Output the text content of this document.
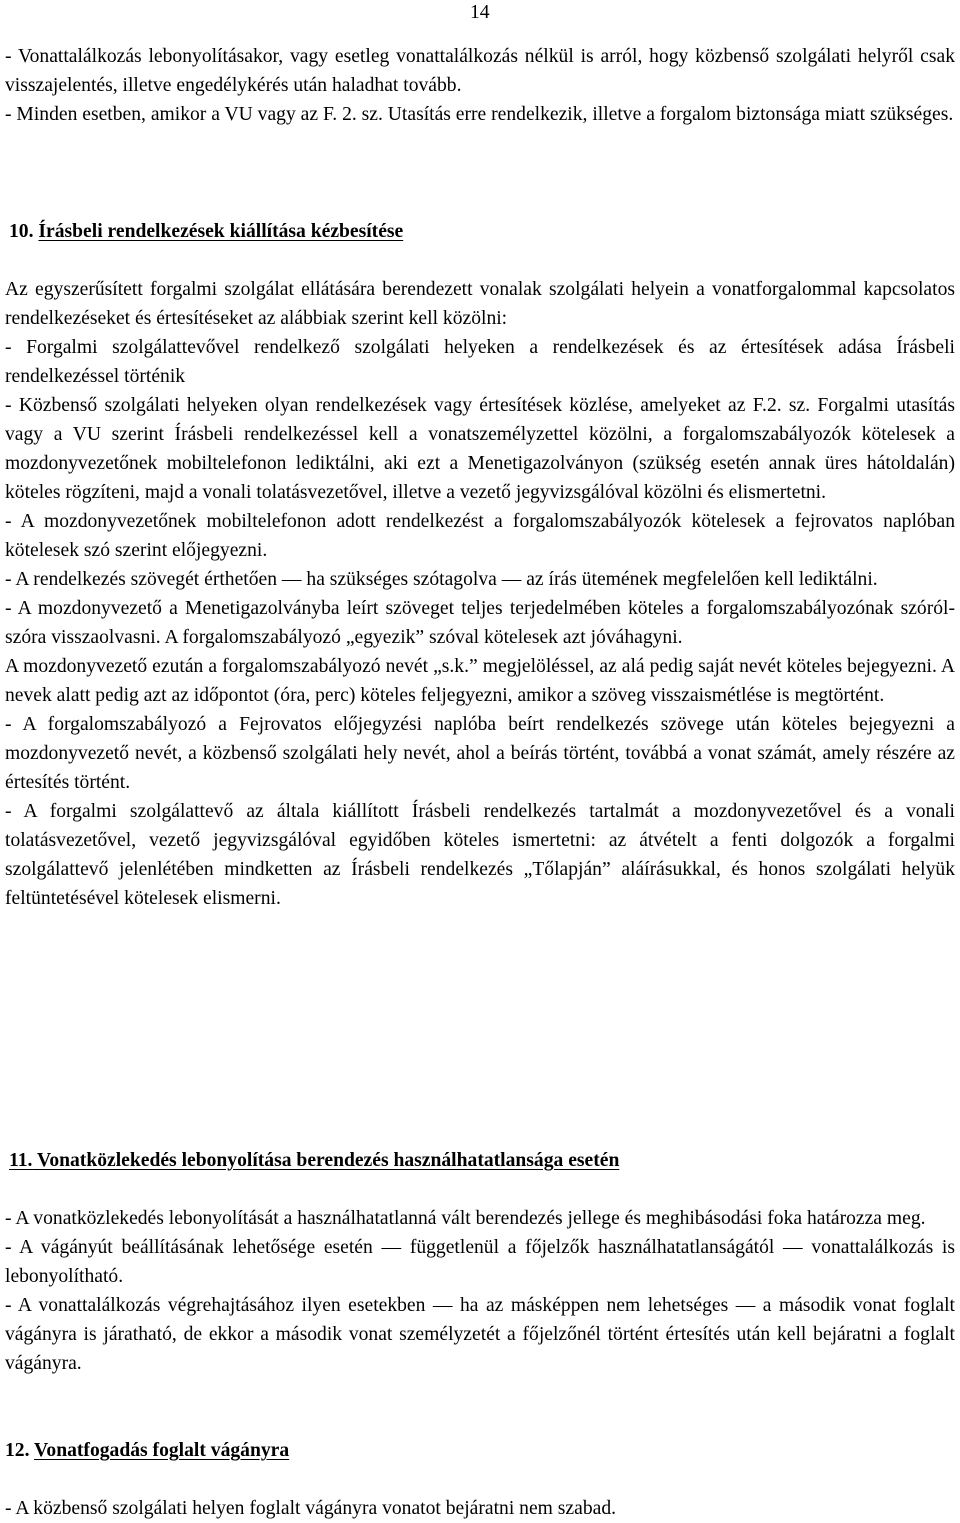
14

- Vonattalálkozás lebonyolításakor, vagy esetleg vonattalálkozás nélkül is arról, hogy közbenső szolgálati helyről csak visszajelentés, illetve engedélykérés után haladhat tovább.

- Minden esetben, amikor a VU vagy az F. 2. sz. Utasítás erre rendelkezik, illetve a forgalom biztonsága miatt szükséges.

10. Írásbeli rendelkezések kiállítása kézbesítése

Az egyszerűsített forgalmi szolgálat ellátására berendezett vonalak szolgálati helyein a vonatforgalommal kapcsolatos rendelkezéseket és értesítéseket az alábbiak szerint kell közölni:

- Forgalmi szolgálattevővel rendelkező szolgálati helyeken a rendelkezések és az értesítések adása Írásbeli rendelkezéssel történik

- Közbenső szolgálati helyeken olyan rendelkezések vagy értesítések közlése, amelyeket az F.2. sz. Forgalmi utasítás vagy a VU szerint Írásbeli rendelkezéssel kell a vonatszemélyzettel közölni, a forgalomszabályozók kötelesek a mozdonyvezetőnek mobiltelefonon lediktálni, aki ezt a Menetigazolványon (szükség esetén annak üres hátoldalán) köteles rögzíteni, majd a vonali tolatásvezetővel, illetve a vezető jegyvizsgálóval közölni és elismertetni.

- A mozdonyvezetőnek mobiltelefonon adott rendelkezést a forgalomszabályozók kötelesek a fejrovatos naplóban kötelesek szó szerint előjegyezni.

- A rendelkezés szövegét érthetően — ha szükséges szótagolva — az írás ütemének megfelelően kell lediktálni.

- A mozdonyvezető a Menetigazolványba leírt szöveget teljes terjedelmében köteles a forgalomszabályozónak szóról-szóra visszaolvasni. A forgalomszabályozó „egyezik” szóval kötelesek azt jóváhagyni.

A mozdonyvezető ezután a forgalomszabályozó nevét „s.k.” megjelöléssel, az alá pedig saját nevét köteles bejegyezni. A nevek alatt pedig azt az időpontot (óra, perc) köteles feljegyezni, amikor a szöveg visszaismétlése is megtörtént.

- A forgalomszabályozó a Fejrovatos előjegyzési naplóba beírt rendelkezés szövege után köteles bejegyezni a mozdonyvezető nevét, a közbenső szolgálati hely nevét, ahol a beírás történt, továbbá a vonat számát, amely részére az értesítés történt.

- A forgalmi szolgálattevő az általa kiállított Írásbeli rendelkezés tartalmát a mozdonyvezetővel és a vonali tolatásvezetővel, vezető jegyvizsgálóval egyidőben köteles ismertetni: az átvételt a fenti dolgozók a forgalmi szolgálattevő jelenlétében mindketten az Írásbeli rendelkezés „Tőlapján” aláírásukkal, és honos szolgálati helyük feltüntetésével kötelesek elismerni.

11. Vonatközlekedés lebonyolítása berendezés használhatatlansága esetén

- A vonatközlekedés lebonyolítását a használhatatlanná vált berendezés jellege és meghibásodási foka határozza meg.

- A vágányút beállításának lehetősége esetén — függetlenül a főjelzők használhatatlanságától — vonattalálkozás is lebonyolítható.

- A vonattalálkozás végrehajtásához ilyen esetekben — ha az másképpen nem lehetséges — a második vonat foglalt vágányra is járatható, de ekkor a második vonat személyzetét a főjelzőnél történt értesítés után kell bejáratni a foglalt vágányra.

12. Vonatfogadás foglalt vágányra

- A közbenső szolgálati helyen foglalt vágányra vonatot bejáratni nem szabad.
